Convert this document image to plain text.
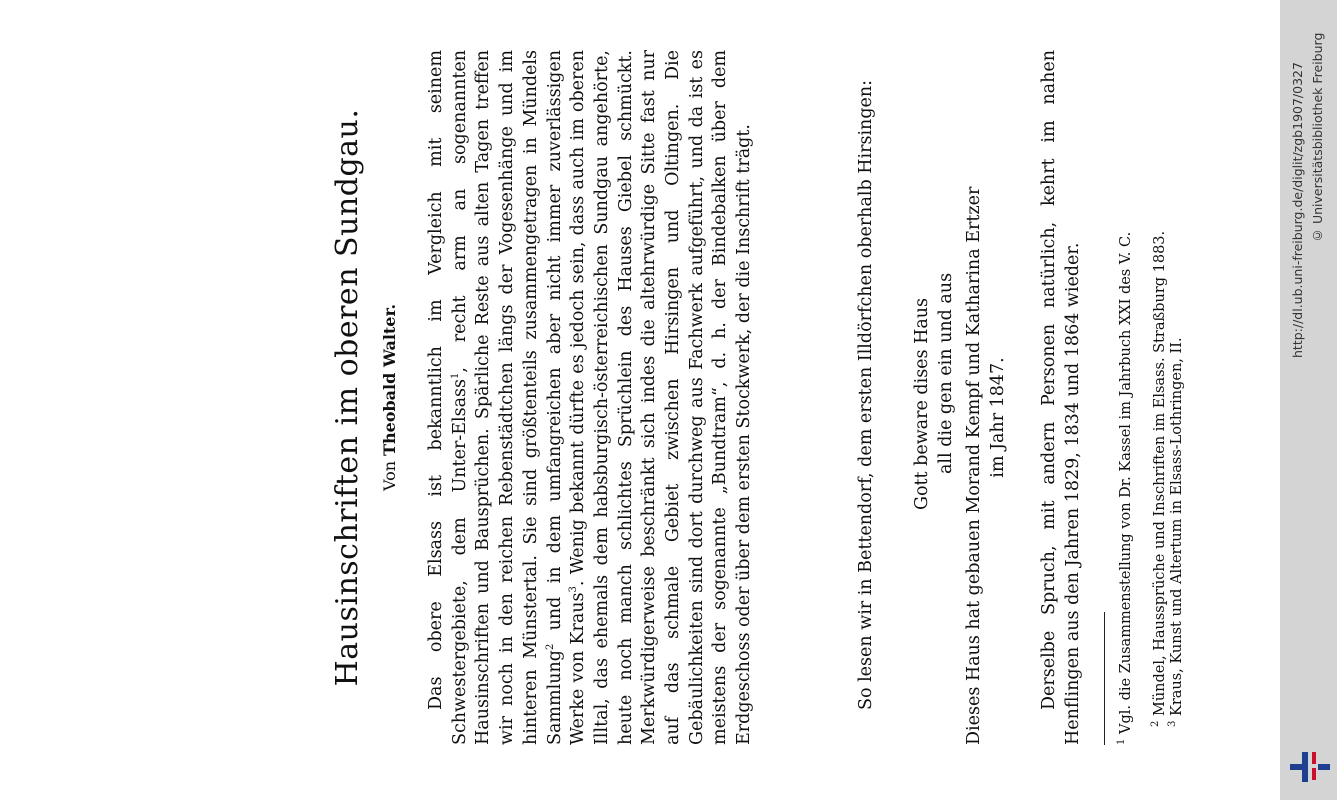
Hausinschriften im oberen Sundgau. Von Theobald Walter. Das obere Elsass ist bekanntlich im Vergleich mit seinem Schwestergebiete, dem Unter-Elsass$^1$, recht arm an sogenannten Hausinschriften und Bausprüchen. Spärliche Reste aus alten Tagen treffen wir noch in den reichen Rebenstädtchen längs der Vogesenhänge und im hinteren Münstertal. Sie sind größtenteils zusammengetragen in Mündels Sammlung$^2$ und in dem umfangreichen aber nicht immer zuverlässigen Werke von Kraus$^3$. Wenig bekannt dürfte es jedoch sein, dass auch im oberen Illtal, das ehemals dem habsburgisch-österreichischen Sundgau angehörte, heute noch manch schlichtes Sprüchlein des Hauses Giebel schmückt. Merkwürdigerweise beschränkt sich indes die altehrwürdige Sitte fast nur auf das schmale Gebiet zwischen Hirsingen und Oltingen. Die Gebäulichkeiten sind dort durchweg aus Fachwerk aufgeführt, und da ist es meistens der sogenannte „Bundtram“, d. h. der Bindebalken über dem Erdgeschoss oder über dem ersten Stockwerk, der die Inschrift trägt.	So lesen wir in Bettendorf, dem ersten Illdörfchen oberhalb Hirsingen: Gott beware dises Haus all die gen ein und aus Dieses Haus hat gebauen Morand Kempf und Katharina Ertzer im Jahr 1847. Derselbe Spruch, mit andern Personen natürlich, kehrt im nahen Henflingen aus den Jahren 1829, 1834 und 1864 wieder.	$^1$ Vgl. die Zusammenstellung von Dr. Kassel im Jahrbuch XXI des V. C. $^2$ Mündel, Haussprüche und Inschriften im Elsass. Straßburg 1883.
$^3$ Kraus, Kunst und Altertum in Elsass-Lothringen, II.
http://dl.ub.uni-freiburg.de/diglit/zgb1907/0327 © Universitätsbibliothek Freiburg
